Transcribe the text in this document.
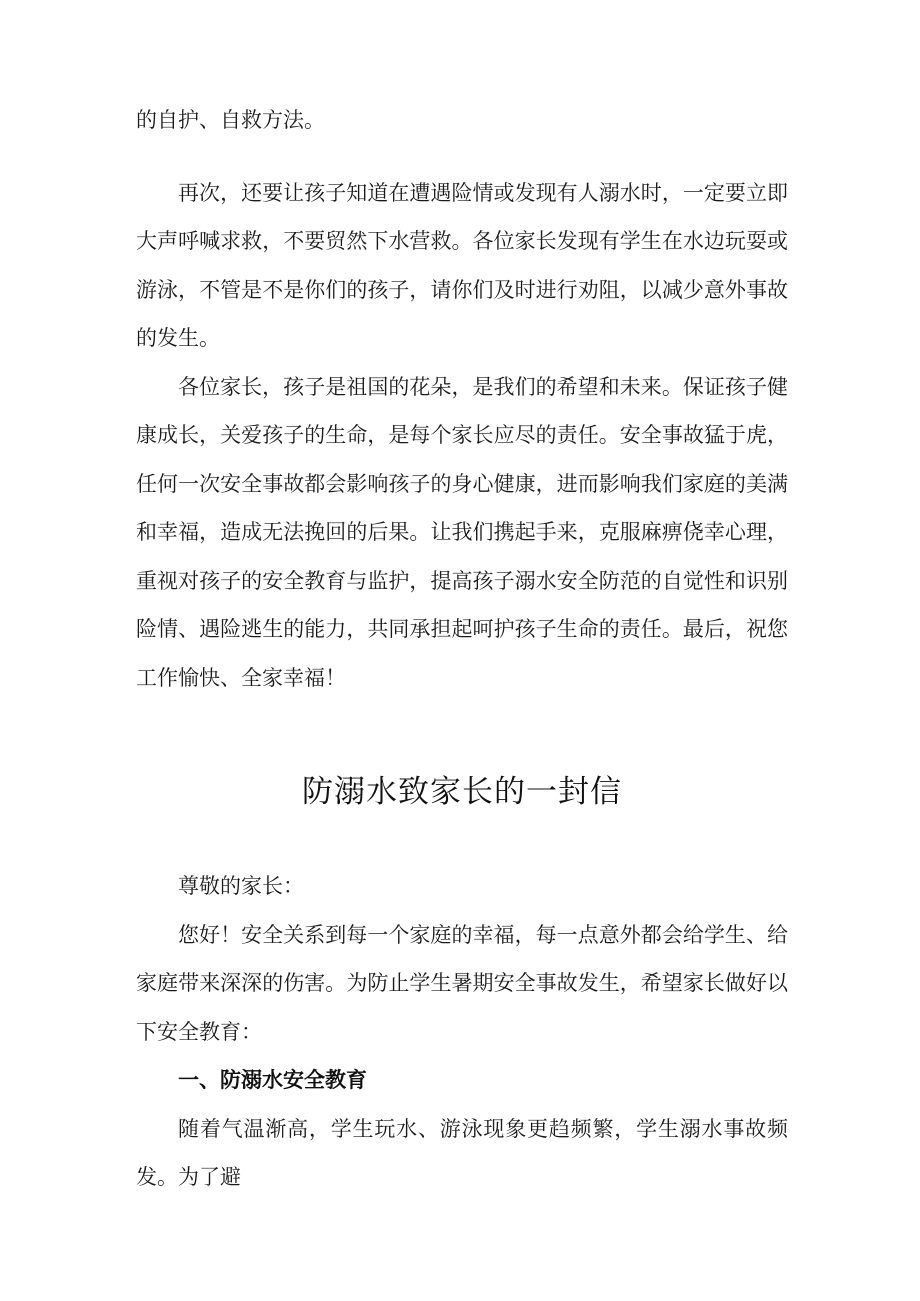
的自护、自救方法。

再次，还要让孩子知道在遭遇险情或发现有人溺水时，一定要立即大声呼喊求救，不要贸然下水营救。各位家长发现有学生在水边玩耍或游泳，不管是不是你们的孩子，请你们及时进行劝阻，以减少意外事故的发生。

各位家长，孩子是祖国的花朵，是我们的希望和未来。保证孩子健康成长，关爱孩子的生命，是每个家长应尽的责任。安全事故猛于虎，任何一次安全事故都会影响孩子的身心健康，进而影响我们家庭的美满和幸福，造成无法挽回的后果。让我们携起手来，克服麻痹侥幸心理，重视对孩子的安全教育与监护，提高孩子溺水安全防范的自觉性和识别险情、遇险逃生的能力，共同承担起呵护孩子生命的责任。最后，祝您工作愉快、全家幸福！

防溺水致家长的一封信

尊敬的家长：

您好！安全关系到每一个家庭的幸福，每一点意外都会给学生、给家庭带来深深的伤害。为防止学生暑期安全事故发生，希望家长做好以下安全教育：

一、防溺水安全教育

随着气温渐高，学生玩水、游泳现象更趋频繁，学生溺水事故频发。为了避
